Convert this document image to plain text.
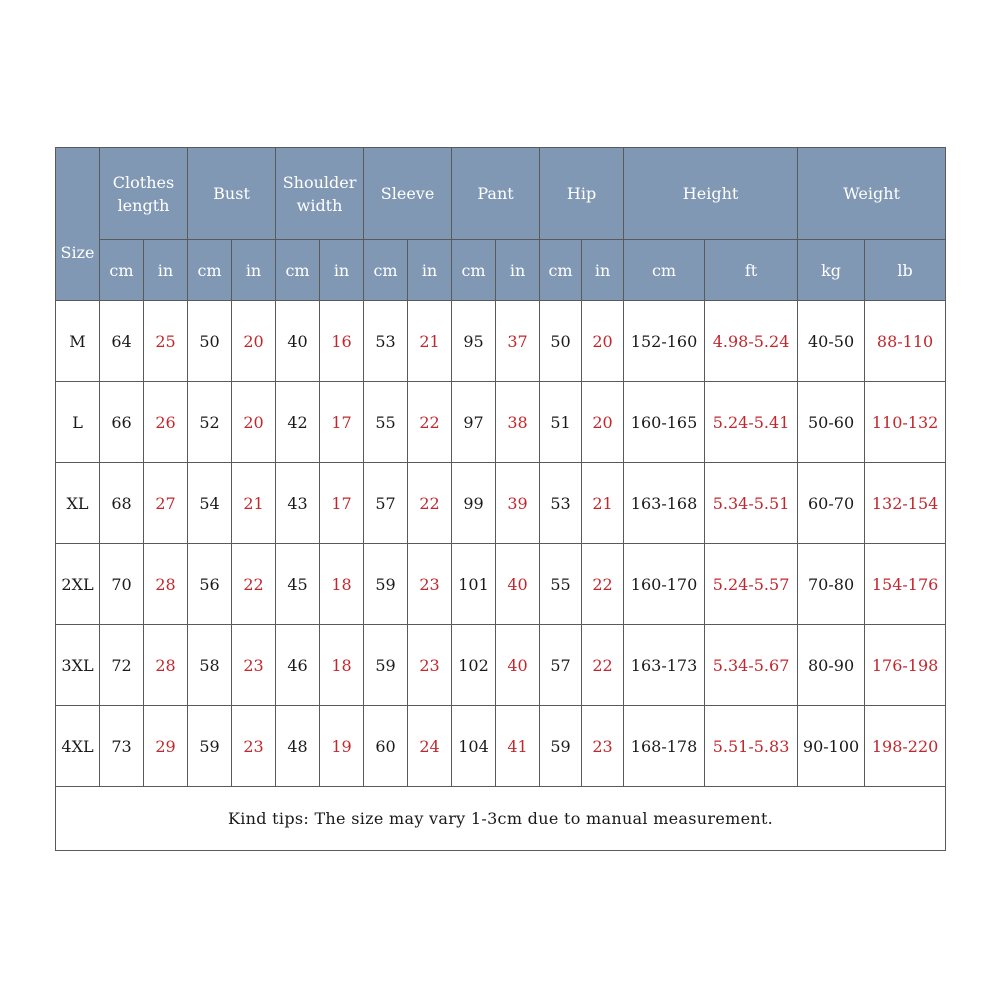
Size	Clothes length		Bust		Shoulder width		Sleeve		Pant		Hip		Height		Weight	
	cm	in	cm	in	cm	in	cm	in	cm	in	cm	in	cm	ft	kg	lb
M	64	25	50	20	40	16	53	21	95	37	50	20	152-160	4.98-5.24	40-50	88-110
L	66	26	52	20	42	17	55	22	97	38	51	20	160-165	5.24-5.41	50-60	110-132
XL	68	27	54	21	43	17	57	22	99	39	53	21	163-168	5.34-5.51	60-70	132-154
2XL	70	28	56	22	45	18	59	23	101	40	55	22	160-170	5.24-5.57	70-80	154-176
3XL	72	28	58	23	46	18	59	23	102	40	57	22	163-173	5.34-5.67	80-90	176-198
4XL	73	29	59	23	48	19	60	24	104	41	59	23	168-178	5.51-5.83	90-100	198-220
Kind tips: The size may vary 1-3cm due to manual measurement.																
